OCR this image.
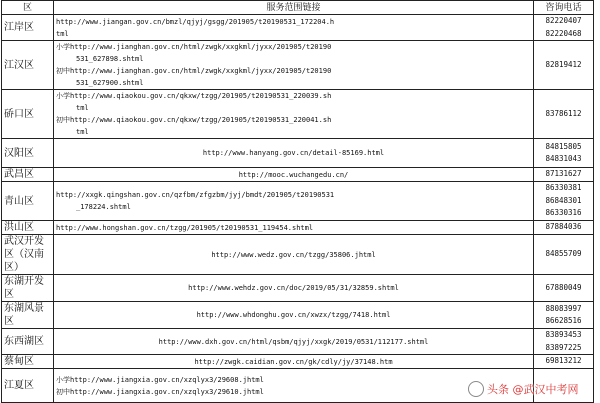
区	服务范围链接	咨询电话
江岸区	http://www.jiangan.gov.cn/bmzl/qjyj/gsgg/201905/t20190531_172204.h
tml	82220407
82220468

江汉区	小学http://www.jianghan.gov.cn/html/zwgk/xxgkml/jyxx/201905/t20190
531_627898.shtml
初中http://www.jianghan.gov.cn/html/zwgk/xxgkml/jyxx/201905/t20190
531_627900.shtml	82819412

硚口区	小学http://www.qiaokou.gov.cn/qkxw/tzgg/201905/t20190531_220039.sh
tml
初中http://www.qiaokou.gov.cn/qkxw/tzgg/201905/t20190531_220041.sh
tml	83786112

汉阳区	http://www.hanyang.gov.cn/detail-85169.html	84815805
84831043

武昌区	http://mooc.wuchangedu.cn/	87131627

青山区	http://xxgk.qingshan.gov.cn/qzfbm/zfgzbm/jyj/bmdt/201905/t20190531
_178224.shtml	86330381
86848301
86330316

洪山区	http://www.hongshan.gov.cn/tzgg/201905/t20190531_119454.shtml	87884036

武汉开发区（汉南区）	http://www.wedz.gov.cn/tzgg/35806.jhtml	84855709

东湖开发区	http://www.wehdz.gov.cn/doc/2019/05/31/32859.shtml	67880049

东湖风景区	http://www.whdonghu.gov.cn/xwzx/tzgg/7418.html	88083997
86628516

东西湖区	http://www.dxh.gov.cn/html/qsbm/qjyj/xxgk/2019/0531/112177.shtml	83893453
83897225

蔡甸区	http://zwgk.caidian.gov.cn/gk/cdly/jy/37148.htm	69813212

江夏区	小学http://www.jiangxia.gov.cn/xzqlyx3/29608.jhtml
初中http://www.jiangxia.gov.cn/xzqlyx3/29610.jhtml	
		头条 @武汉中考网
